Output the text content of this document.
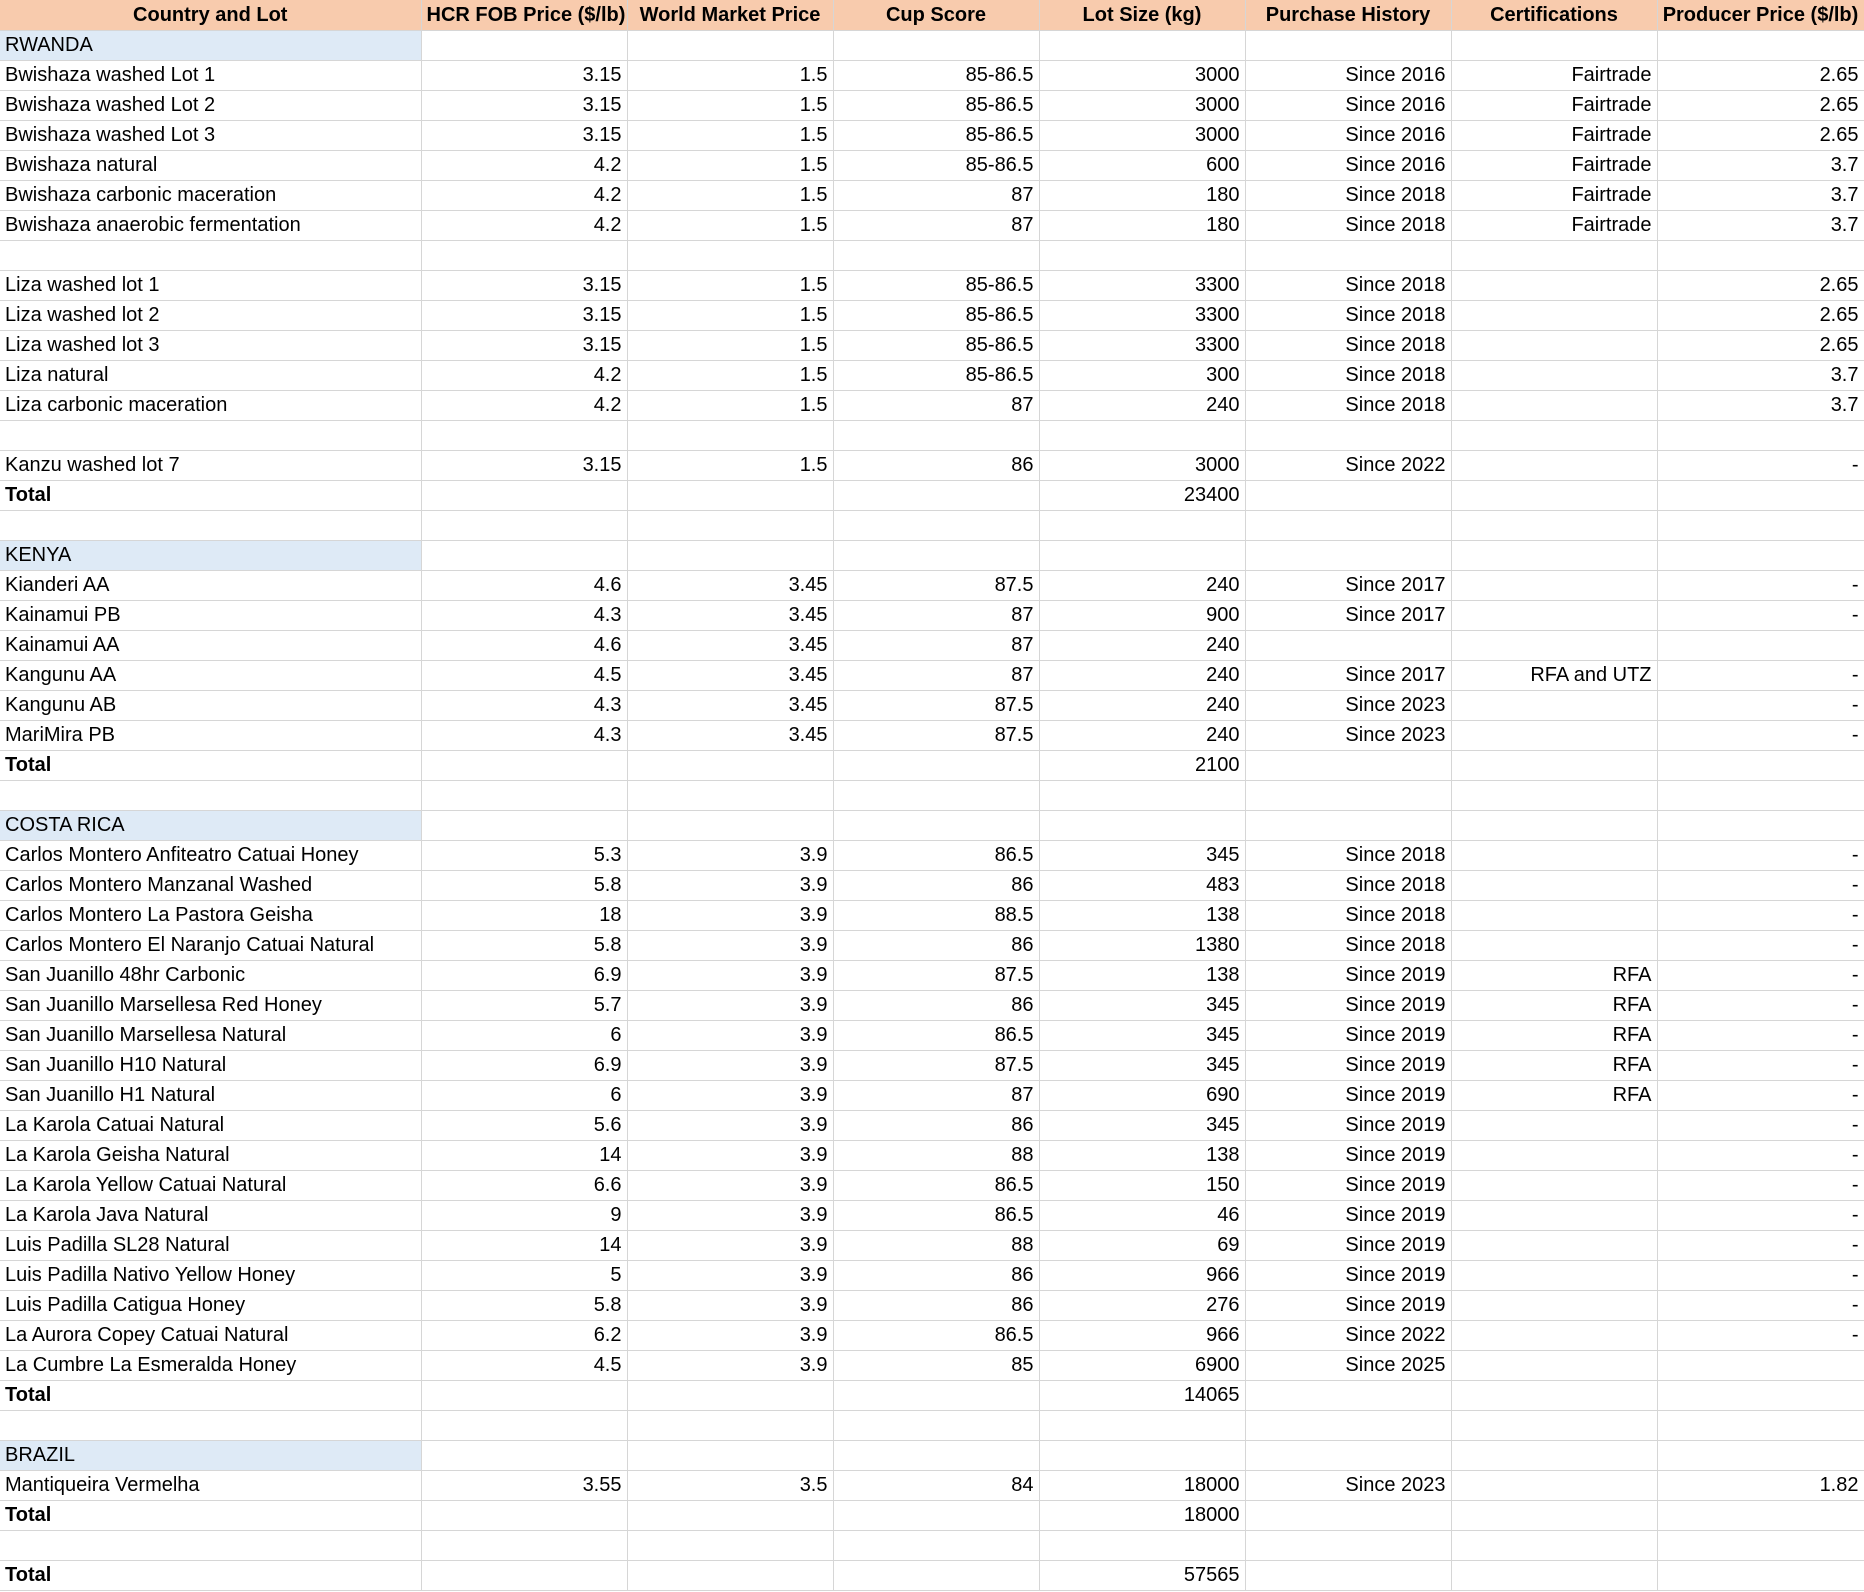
Country and Lot	HCR FOB Price ($/lb)	World Market Price	Cup Score	Lot Size (kg)	Purchase History	Certifications	Producer Price ($/lb)
RWANDA							
Bwishaza washed Lot 1	3.15	1.5	85-86.5	3000	Since 2016	Fairtrade	2.65
Bwishaza washed Lot 2	3.15	1.5	85-86.5	3000	Since 2016	Fairtrade	2.65
Bwishaza washed Lot 3	3.15	1.5	85-86.5	3000	Since 2016	Fairtrade	2.65
Bwishaza natural	4.2	1.5	85-86.5	600	Since 2016	Fairtrade	3.7
Bwishaza carbonic maceration	4.2	1.5	87	180	Since 2018	Fairtrade	3.7
Bwishaza anaerobic fermentation	4.2	1.5	87	180	Since 2018	Fairtrade	3.7

Liza washed lot 1	3.15	1.5	85-86.5	3300	Since 2018		2.65
Liza washed lot 2	3.15	1.5	85-86.5	3300	Since 2018		2.65
Liza washed lot 3	3.15	1.5	85-86.5	3300	Since 2018		2.65
Liza natural	4.2	1.5	85-86.5	300	Since 2018		3.7
Liza carbonic maceration	4.2	1.5	87	240	Since 2018		3.7

Kanzu washed lot 7	3.15	1.5	86	3000	Since 2022		-
Total				23400			

KENYA							
Kianderi AA	4.6	3.45	87.5	240	Since 2017		-
Kainamui PB	4.3	3.45	87	900	Since 2017		-
Kainamui AA	4.6	3.45	87	240			
Kangunu AA	4.5	3.45	87	240	Since 2017	RFA and UTZ	-
Kangunu AB	4.3	3.45	87.5	240	Since 2023		-
MariMira PB	4.3	3.45	87.5	240	Since 2023		-
Total				2100			

COSTA RICA							
Carlos Montero Anfiteatro Catuai Honey	5.3	3.9	86.5	345	Since 2018		-
Carlos Montero Manzanal Washed	5.8	3.9	86	483	Since 2018		-
Carlos Montero La Pastora Geisha	18	3.9	88.5	138	Since 2018		-
Carlos Montero El Naranjo Catuai Natural	5.8	3.9	86	1380	Since 2018		-
San Juanillo 48hr Carbonic	6.9	3.9	87.5	138	Since 2019	RFA	-
San Juanillo Marsellesa Red Honey	5.7	3.9	86	345	Since 2019	RFA	-
San Juanillo Marsellesa Natural	6	3.9	86.5	345	Since 2019	RFA	-
San Juanillo H10 Natural	6.9	3.9	87.5	345	Since 2019	RFA	-
San Juanillo H1 Natural	6	3.9	87	690	Since 2019	RFA	-
La Karola Catuai Natural	5.6	3.9	86	345	Since 2019		-
La Karola Geisha Natural	14	3.9	88	138	Since 2019		-
La Karola Yellow Catuai Natural	6.6	3.9	86.5	150	Since 2019		-
La Karola Java Natural	9	3.9	86.5	46	Since 2019		-
Luis Padilla SL28 Natural	14	3.9	88	69	Since 2019		-
Luis Padilla Nativo Yellow Honey	5	3.9	86	966	Since 2019		-
Luis Padilla Catigua Honey	5.8	3.9	86	276	Since 2019		-
La Aurora Copey Catuai Natural	6.2	3.9	86.5	966	Since 2022		-
La Cumbre La Esmeralda Honey	4.5	3.9	85	6900	Since 2025		
Total				14065			

BRAZIL							
Mantiqueira Vermelha	3.55	3.5	84	18000	Since 2023		1.82
Total				18000			

Total				57565			
